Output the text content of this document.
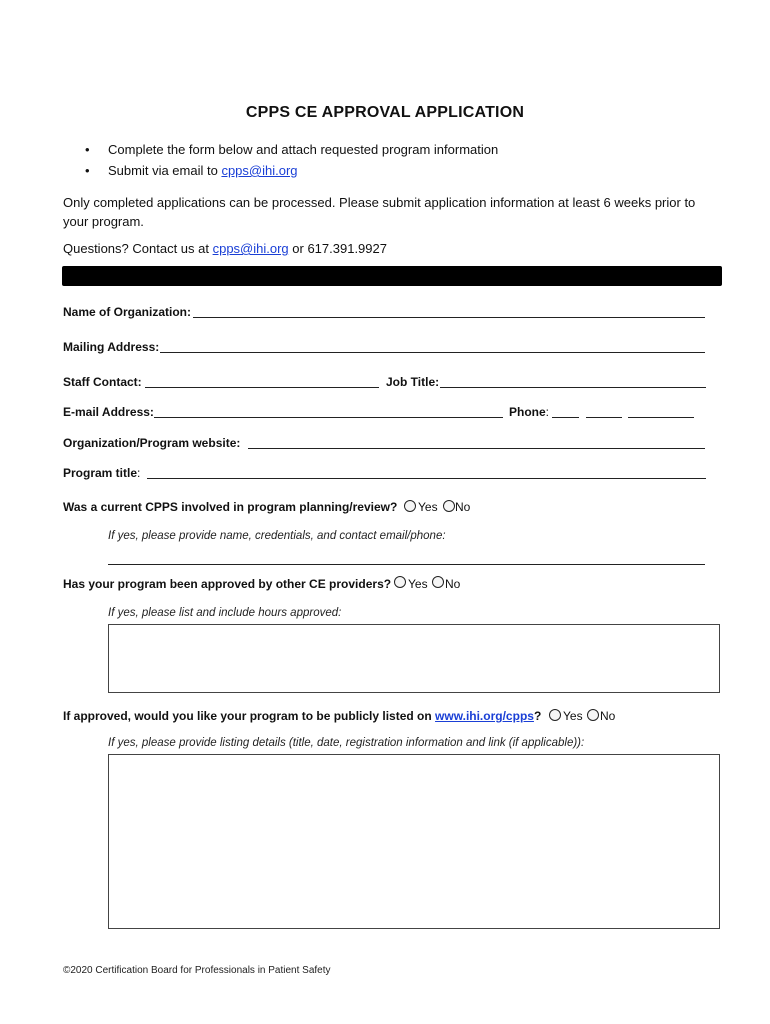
CPPS CE APPROVAL APPLICATION
• Complete the form below and attach requested program information
• Submit via email to cpps@ihi.org
Only completed applications can be processed. Please submit application information at least 6 weeks prior to your program.
Questions? Contact us at cpps@ihi.org or 617.391.9927
Name of Organization:
Mailing Address:
Staff Contact:	Job Title:
E-mail Address:	Phone:
Organization/Program website:
Program title:
Was a current CPPS involved in program planning/review? Yes No
If yes, please provide name, credentials, and contact email/phone:
Has your program been approved by other CE providers? Yes No
If yes, please list and include hours approved:
If approved, would you like your program to be publicly listed on www.ihi.org/cpps? Yes No
If yes, please provide listing details (title, date, registration information and link (if applicable)):
©2020 Certification Board for Professionals in Patient Safety
